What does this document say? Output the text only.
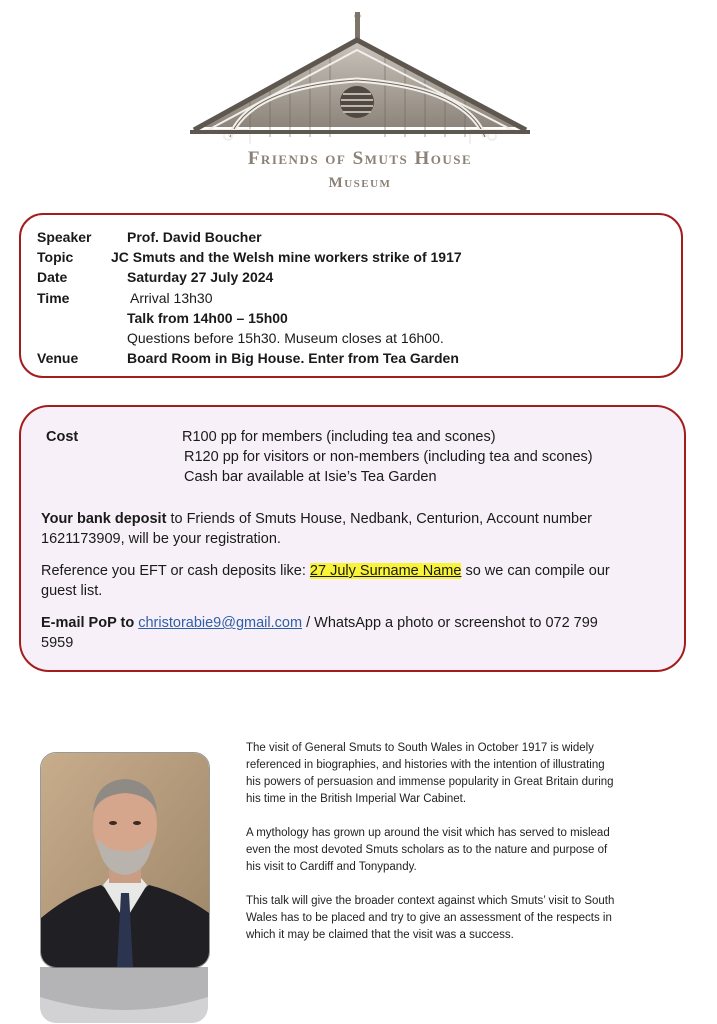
Friends of Smuts House
Museum
Speaker	Prof. David Boucher
Topic	JC Smuts and the Welsh mine workers strike of 1917
Date	Saturday 27 July 2024
Time	Arrival 13h30
Talk from 14h00 – 15h00
Questions before 15h30. Museum closes at 16h00.
Venue	Board Room in Big House. Enter from Tea Garden
Cost	R100 pp for members (including tea and scones)
R120 pp for visitors or non-members (including tea and scones)
Cash bar available at Isie’s Tea Garden
Your bank deposit to Friends of Smuts House, Nedbank, Centurion, Account number
1621173909, will be your registration.
Reference you EFT or cash deposits like: 27 July Surname Name so we can compile our
guest list.
E-mail PoP to christorabie9@gmail.com / WhatsApp a photo or screenshot to 072 799
5959

The visit of General Smuts to South Wales in October 1917 is widely referenced in biographies, and histories with the intention of illustrating his powers of persuasion and immense popularity in Great Britain during his time in the British Imperial War Cabinet.

A mythology has grown up around the visit which has served to mislead even the most devoted Smuts scholars as to the nature and purpose of his visit to Cardiff and Tonypandy.

This talk will give the broader context against which Smuts’ visit to South Wales has to be placed and try to give an assessment of the respects in which it may be claimed that the visit was a success.
